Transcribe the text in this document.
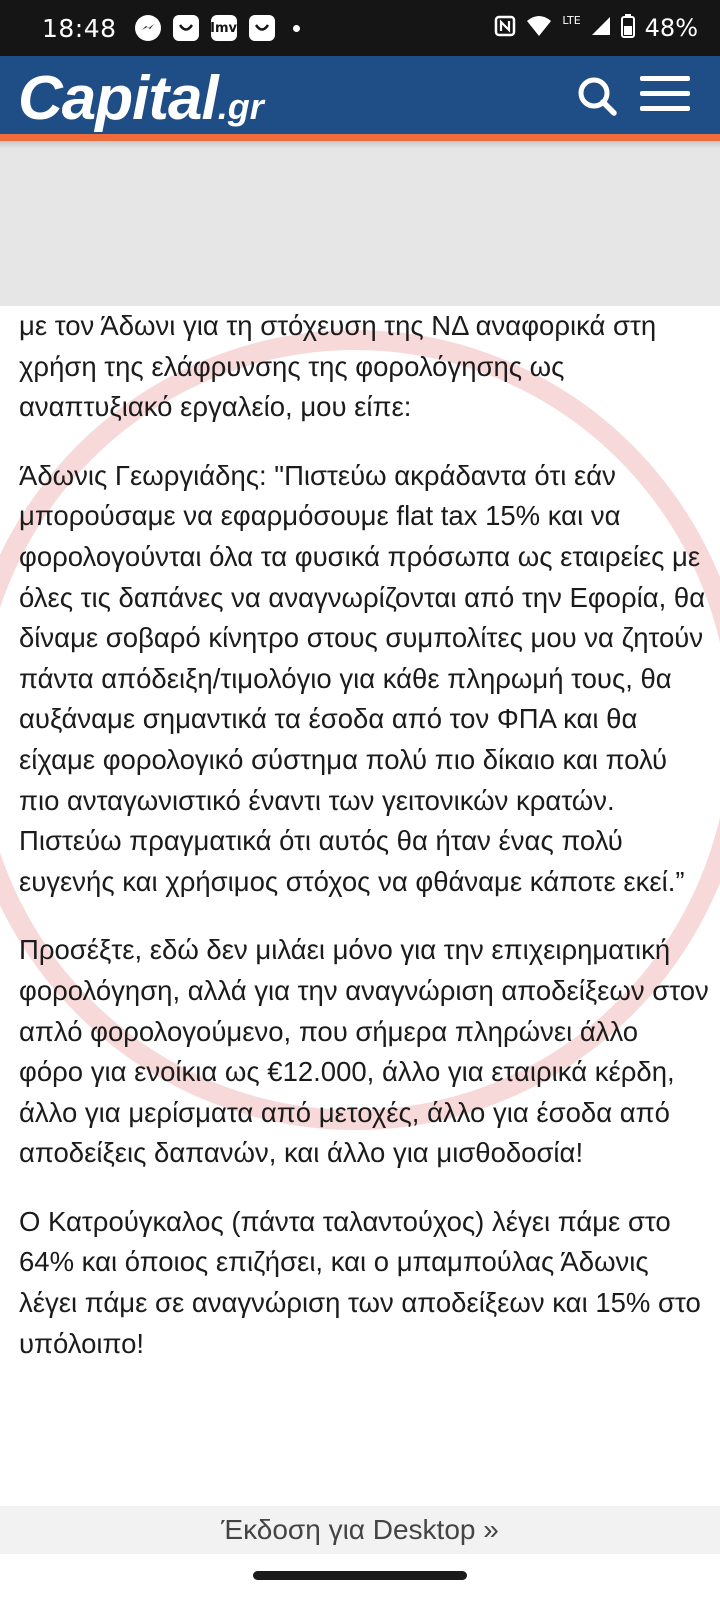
18:48	Imv
LTE	48%
Capital.gr

με τον Άδωνι για τη στόχευση της ΝΔ αναφορικά στη χρήση της ελάφρυνσης της φορολόγησης ως αναπτυξιακό εργαλείο, μου είπε:

Άδωνις Γεωργιάδης: "Πιστεύω ακράδαντα ότι εάν μπορούσαμε να εφαρμόσουμε flat tax 15% και να φορολογούνται όλα τα φυσικά πρόσωπα ως εταιρείες με όλες τις δαπάνες να αναγνωρίζονται από την Εφορία, θα δίναμε σοβαρό κίνητρο στους συμπολίτες μου να ζητούν πάντα απόδειξη/τιμολόγιο για κάθε πληρωμή τους, θα αυξάναμε σημαντικά τα έσοδα από τον ΦΠΑ και θα είχαμε φορολογικό σύστημα πολύ πιο δίκαιο και πολύ πιο ανταγωνιστικό έναντι των γειτονικών κρατών. Πιστεύω πραγματικά ότι αυτός θα ήταν ένας πολύ ευγενής και χρήσιμος στόχος να φθάναμε κάποτε εκεί.”

Προσέξτε, εδώ δεν μιλάει μόνο για την επιχειρηματική φορολόγηση, αλλά για την αναγνώριση αποδείξεων στον απλό φορολογούμενο, που σήμερα πληρώνει άλλο φόρο για ενοίκια ως €12.000, άλλο για εταιρικά κέρδη, άλλο για μερίσματα από μετοχές, άλλο για έσοδα από αποδείξεις δαπανών, και άλλο για μισθοδοσία!

Ο Κατρούγκαλος (πάντα ταλαντούχος) λέγει πάμε στο 64% και όποιος επιζήσει, και ο μπαμπούλας Άδωνις λέγει πάμε σε αναγνώριση των αποδείξεων και 15% στο υπόλοιπο!

Έκδοση για Desktop »
